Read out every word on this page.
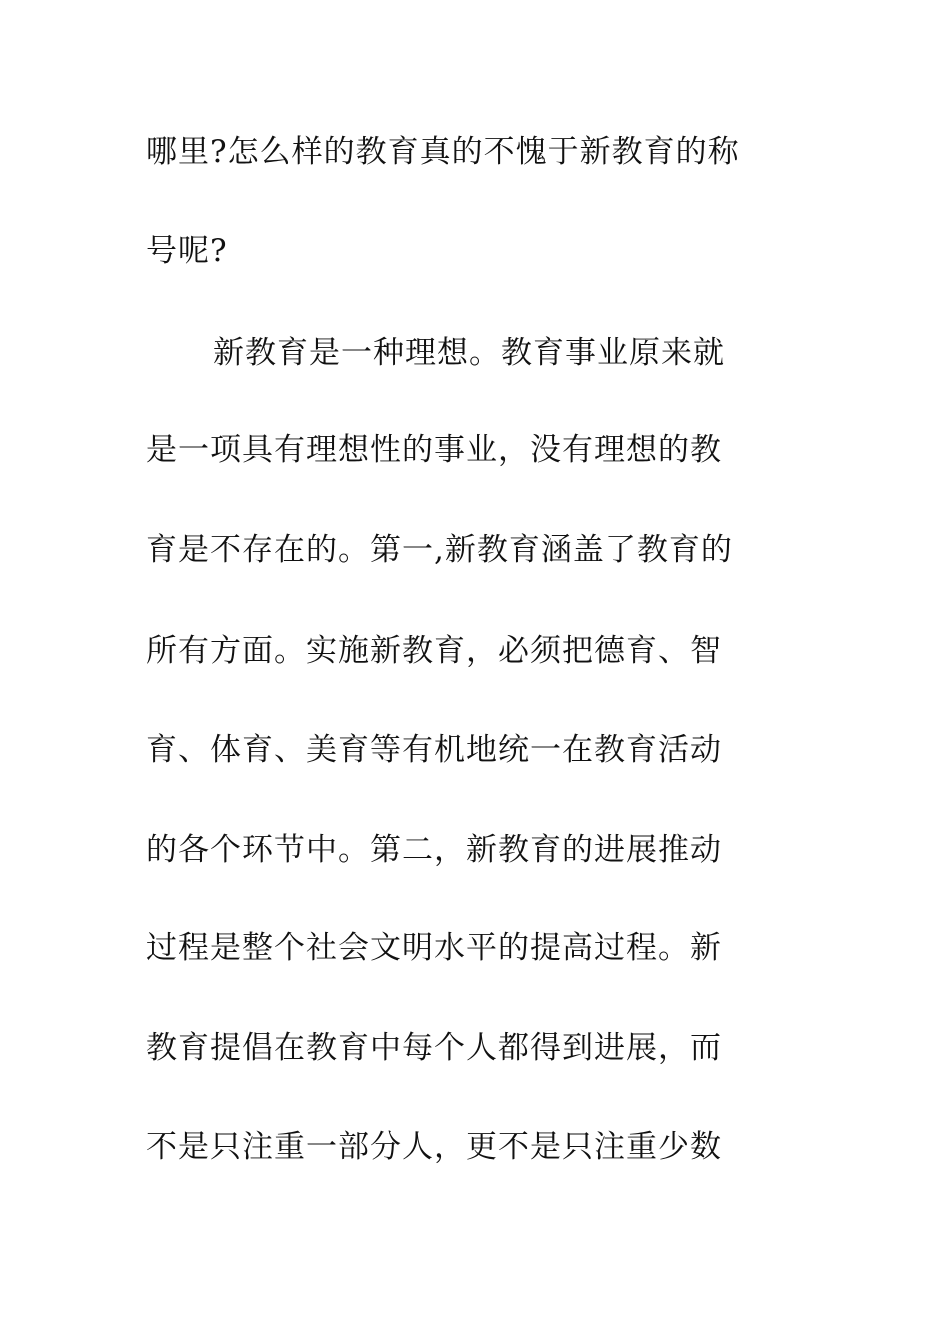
哪里?怎么样的教育真的不愧于新教育的称
号呢?
新教育是一种理想。教育事业原来就
是一项具有理想性的事业，没有理想的教
育是不存在的。第一,新教育涵盖了教育的
所有方面。实施新教育，必须把德育、智
育、体育、美育等有机地统一在教育活动
的各个环节中。第二，新教育的进展推动
过程是整个社会文明水平的提高过程。新
教育提倡在教育中每个人都得到进展，而
不是只注重一部分人，更不是只注重少数
